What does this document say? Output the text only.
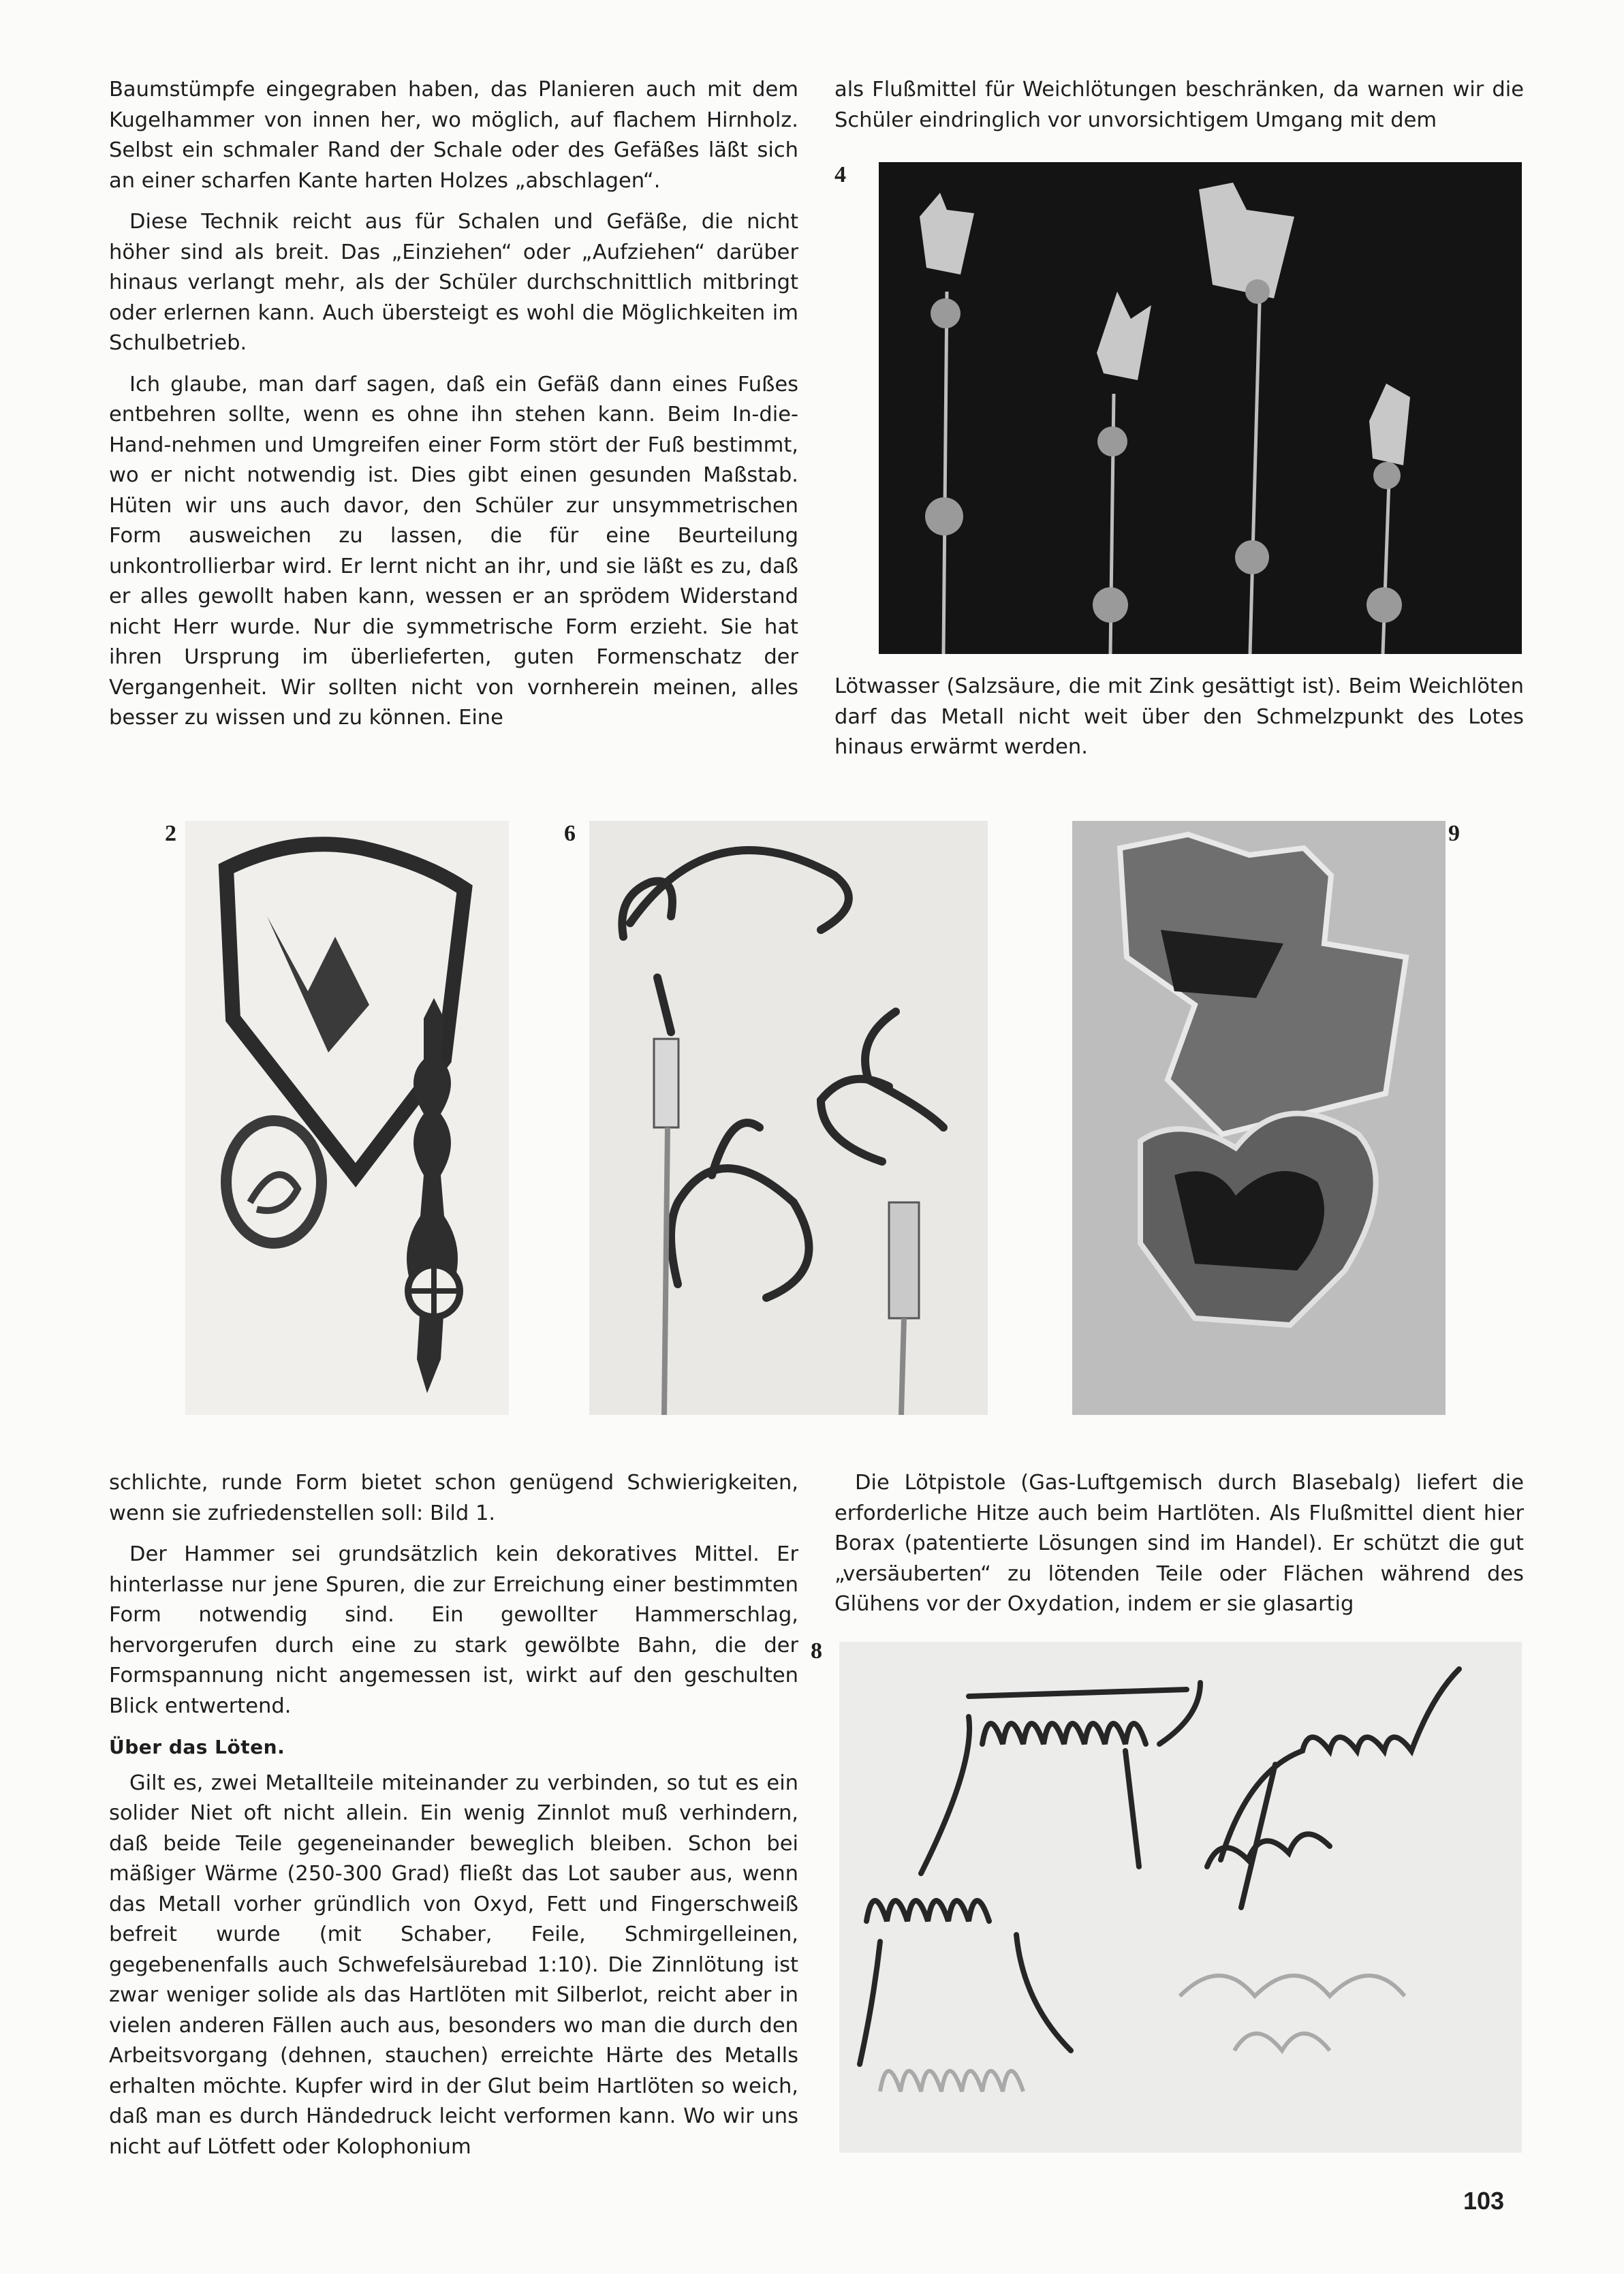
Baumstümpfe eingegraben haben, das Planieren auch mit dem Kugelhammer von innen her, wo möglich, auf flachem Hirnholz. Selbst ein schmaler Rand der Schale oder des Gefäßes läßt sich an einer scharfen Kante harten Holzes „abschlagen“.

Diese Technik reicht aus für Schalen und Gefäße, die nicht höher sind als breit. Das „Einziehen“ oder „Aufziehen“ darüber hinaus verlangt mehr, als der Schüler durchschnittlich mitbringt oder erlernen kann. Auch übersteigt es wohl die Möglichkeiten im Schulbetrieb.

Ich glaube, man darf sagen, daß ein Gefäß dann eines Fußes entbehren sollte, wenn es ohne ihn stehen kann. Beim In-die-Hand-nehmen und Umgreifen einer Form stört der Fuß bestimmt, wo er nicht notwendig ist. Dies gibt einen gesunden Maßstab. Hüten wir uns auch davor, den Schüler zur unsymmetrischen Form ausweichen zu lassen, die für eine Beurteilung unkontrollierbar wird. Er lernt nicht an ihr, und sie läßt es zu, daß er alles gewollt haben kann, wessen er an sprödem Widerstand nicht Herr wurde. Nur die symmetrische Form erzieht. Sie hat ihren Ursprung im überlieferten, guten Formenschatz der Vergangenheit. Wir sollten nicht von vornherein meinen, alles besser zu wissen und zu können. Eine

als Flußmittel für Weichlötungen beschränken, da warnen wir die Schüler eindringlich vor unvorsichtigem Umgang mit dem

4

Lötwasser (Salzsäure, die mit Zink gesättigt ist). Beim Weichlöten darf das Metall nicht weit über den Schmelzpunkt des Lotes hinaus erwärmt werden.

2	6	9

schlichte, runde Form bietet schon genügend Schwierigkeiten, wenn sie zufriedenstellen soll: Bild 1.

Der Hammer sei grundsätzlich kein dekoratives Mittel. Er hinterlasse nur jene Spuren, die zur Erreichung einer bestimmten Form notwendig sind. Ein gewollter Hammerschlag, hervorgerufen durch eine zu stark gewölbte Bahn, die der Formspannung nicht angemessen ist, wirkt auf den geschulten Blick entwertend.

Über das Löten.

Gilt es, zwei Metallteile miteinander zu verbinden, so tut es ein solider Niet oft nicht allein. Ein wenig Zinnlot muß verhindern, daß beide Teile gegeneinander beweglich bleiben. Schon bei mäßiger Wärme (250-300 Grad) fließt das Lot sauber aus, wenn das Metall vorher gründlich von Oxyd, Fett und Fingerschweiß befreit wurde (mit Schaber, Feile, Schmirgelleinen, gegebenenfalls auch Schwefelsäurebad 1:10). Die Zinnlötung ist zwar weniger solide als das Hartlöten mit Silberlot, reicht aber in vielen anderen Fällen auch aus, besonders wo man die durch den Arbeitsvorgang (dehnen, stauchen) erreichte Härte des Metalls erhalten möchte. Kupfer wird in der Glut beim Hartlöten so weich, daß man es durch Händedruck leicht verformen kann. Wo wir uns nicht auf Lötfett oder Kolophonium

Die Lötpistole (Gas-Luftgemisch durch Blasebalg) liefert die erforderliche Hitze auch beim Hartlöten. Als Flußmittel dient hier Borax (patentierte Lösungen sind im Handel). Er schützt die gut „versäuberten“ zu lötenden Teile oder Flächen während des Glühens vor der Oxydation, indem er sie glasartig

8
103
